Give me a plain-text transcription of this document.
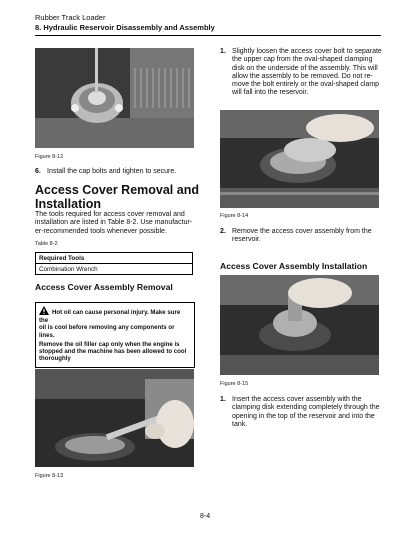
Rubber Track Loader
8. Hydraulic Reservoir Disassembly and Assembly
Figure 8-12
6. Install the cap bolts and tighten to secure.
Access Cover Removal and
Installation
The tools required for access cover removal and
installation are listed in Table 8-2. Use manufactur-
er-recommended tools whenever possible.
Table 8-2
Required Tools
Combination Wrench
Access Cover Assembly Removal

Hot oil can cause personal injury. Make sure the
oil is cool before removing any components or lines.

Remove the oil filler cap only when the engine is
stopped and the machine has been allowed to cool
thoroughly

Figure 8-13
1. Slightly loosen the access cover bolt to separate
the upper cap from the oval-shaped clamping
disk on the underside of the assembly. This will
allow the assembly to be removed. Do not re-
move the bolt entirely or the oval-shaped clamp
will fall into the reservoir.
Figure 8-14
2. Remove the access cover assembly from the
reservoir.
Access Cover Assembly Installation
Figure 8-15
1. Insert the access cover assembly with the
clamping disk extending completely through the
opening in the top of the reservoir and into the
tank.
8-4
